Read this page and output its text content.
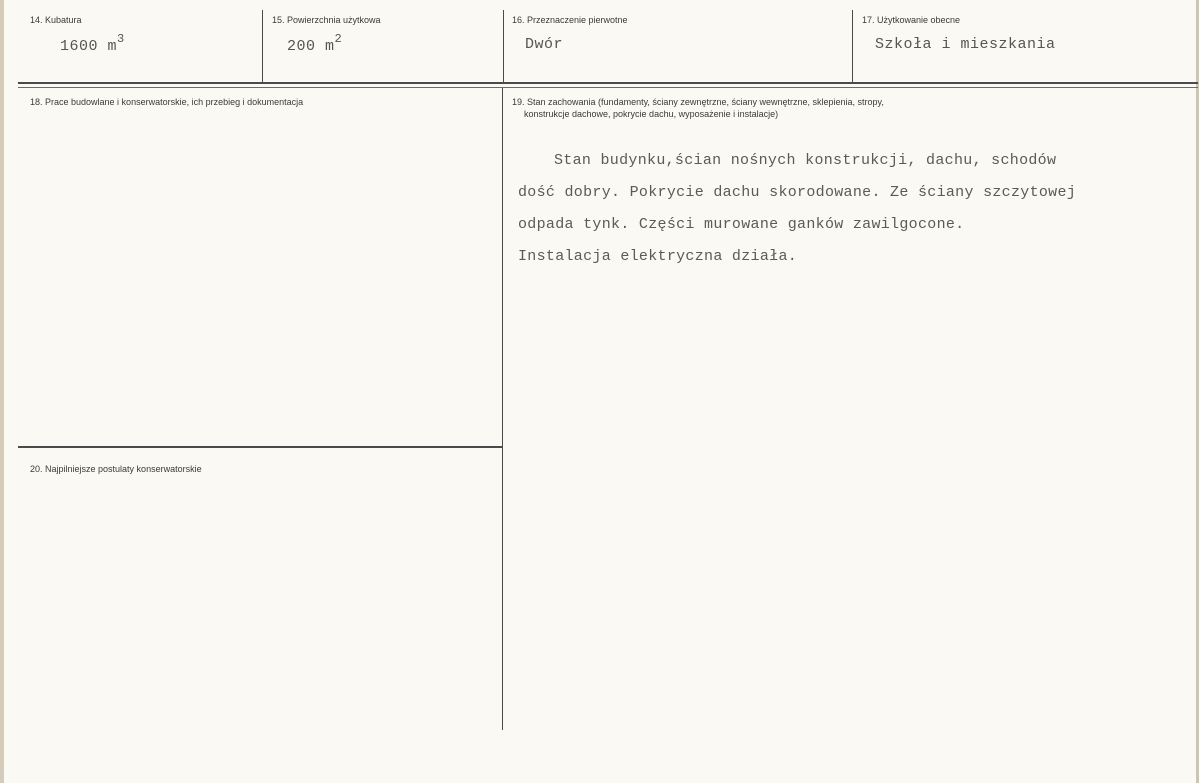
14. Kubatura
1600 $m^3$
15. Powierzchnia użytkowa
200 $m^2$
16. Przeznaczenie pierwotne
Dwór
17. Użytkowanie obecne
Szkoła i mieszkania
18. Prace budowlane i konserwatorskie, ich przebieg i dokumentacja	19. Stan zachowania (fundamenty, ściany zewnętrzne, ściany wewnętrzne, sklepienia, stropy,
konstrukcje dachowe, pokrycie dachu, wyposażenie i instalacje)
Stan budynku,ścian nośnych konstrukcji, dachu, schodów
dość dobry. Pokrycie dachu skorodowane. Ze ściany szczytowej
odpada tynk. Części murowane ganków zawilgocone.
Instalacja elektryczna działa.
20. Najpilniejsze postulaty konserwatorskie
